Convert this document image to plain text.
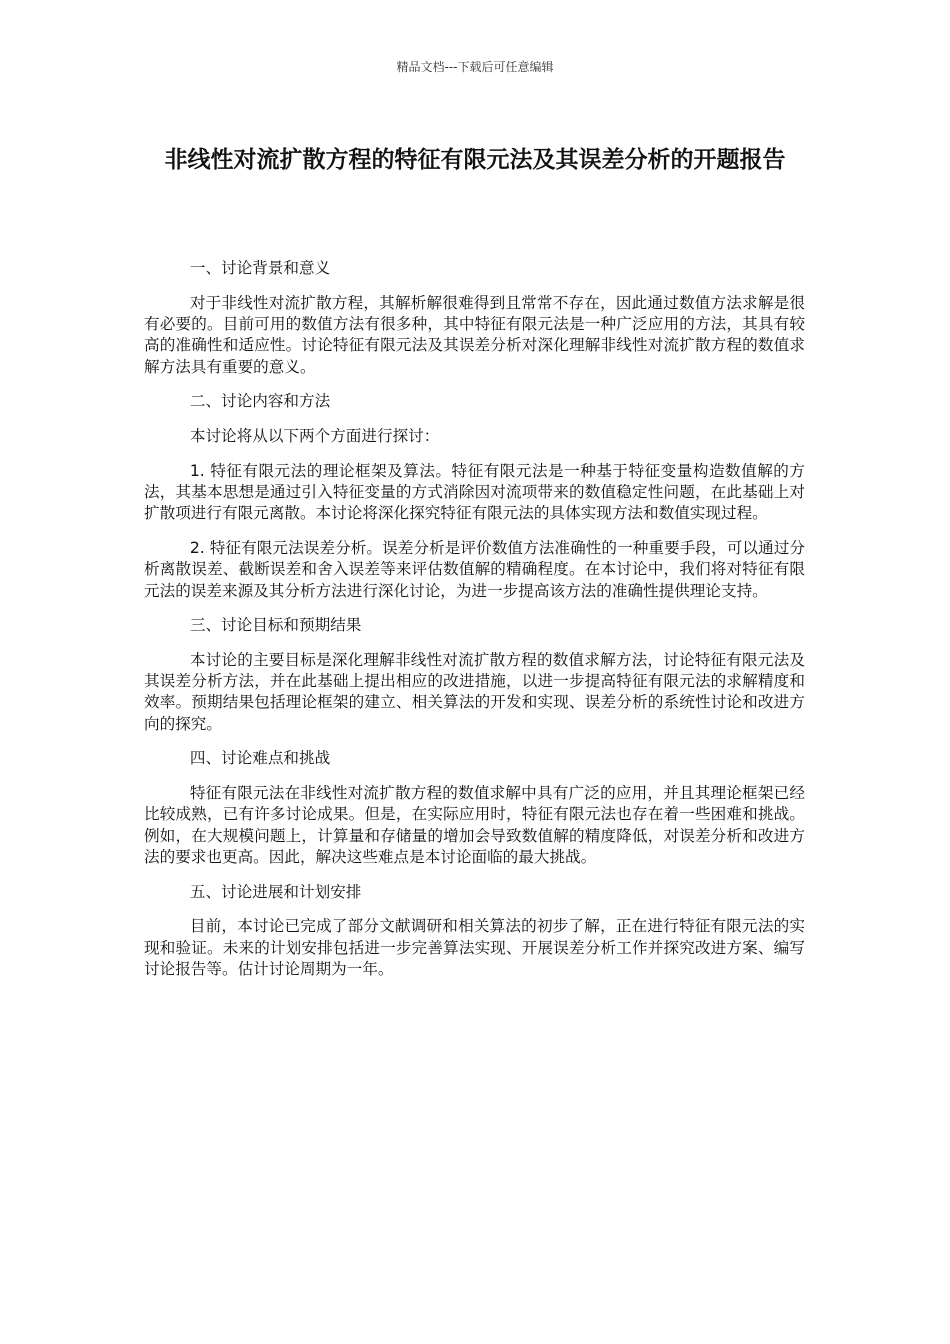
精品文档---下载后可任意编辑
非线性对流扩散方程的特征有限元法及其误差分析的开题报告

一、讨论背景和意义

对于非线性对流扩散方程，其解析解很难得到且常常不存在，因此通过数值方法求解是很有必要的。目前可用的数值方法有很多种，其中特征有限元法是一种广泛应用的方法，其具有较高的准确性和适应性。讨论特征有限元法及其误差分析对深化理解非线性对流扩散方程的数值求解方法具有重要的意义。

二、讨论内容和方法

本讨论将从以下两个方面进行探讨：

1. 特征有限元法的理论框架及算法。特征有限元法是一种基于特征变量构造数值解的方法，其基本思想是通过引入特征变量的方式消除因对流项带来的数值稳定性问题，在此基础上对扩散项进行有限元离散。本讨论将深化探究特征有限元法的具体实现方法和数值实现过程。

2. 特征有限元法误差分析。误差分析是评价数值方法准确性的一种重要手段，可以通过分析离散误差、截断误差和舍入误差等来评估数值解的精确程度。在本讨论中，我们将对特征有限元法的误差来源及其分析方法进行深化讨论，为进一步提高该方法的准确性提供理论支持。

三、讨论目标和预期结果

本讨论的主要目标是深化理解非线性对流扩散方程的数值求解方法，讨论特征有限元法及其误差分析方法，并在此基础上提出相应的改进措施，以进一步提高特征有限元法的求解精度和效率。预期结果包括理论框架的建立、相关算法的开发和实现、误差分析的系统性讨论和改进方向的探究。

四、讨论难点和挑战

特征有限元法在非线性对流扩散方程的数值求解中具有广泛的应用，并且其理论框架已经比较成熟，已有许多讨论成果。但是，在实际应用时，特征有限元法也存在着一些困难和挑战。例如，在大规模问题上，计算量和存储量的增加会导致数值解的精度降低，对误差分析和改进方法的要求也更高。因此，解决这些难点是本讨论面临的最大挑战。

五、讨论进展和计划安排

目前，本讨论已完成了部分文献调研和相关算法的初步了解，正在进行特征有限元法的实现和验证。未来的计划安排包括进一步完善算法实现、开展误差分析工作并探究改进方案、编写讨论报告等。估计讨论周期为一年。
